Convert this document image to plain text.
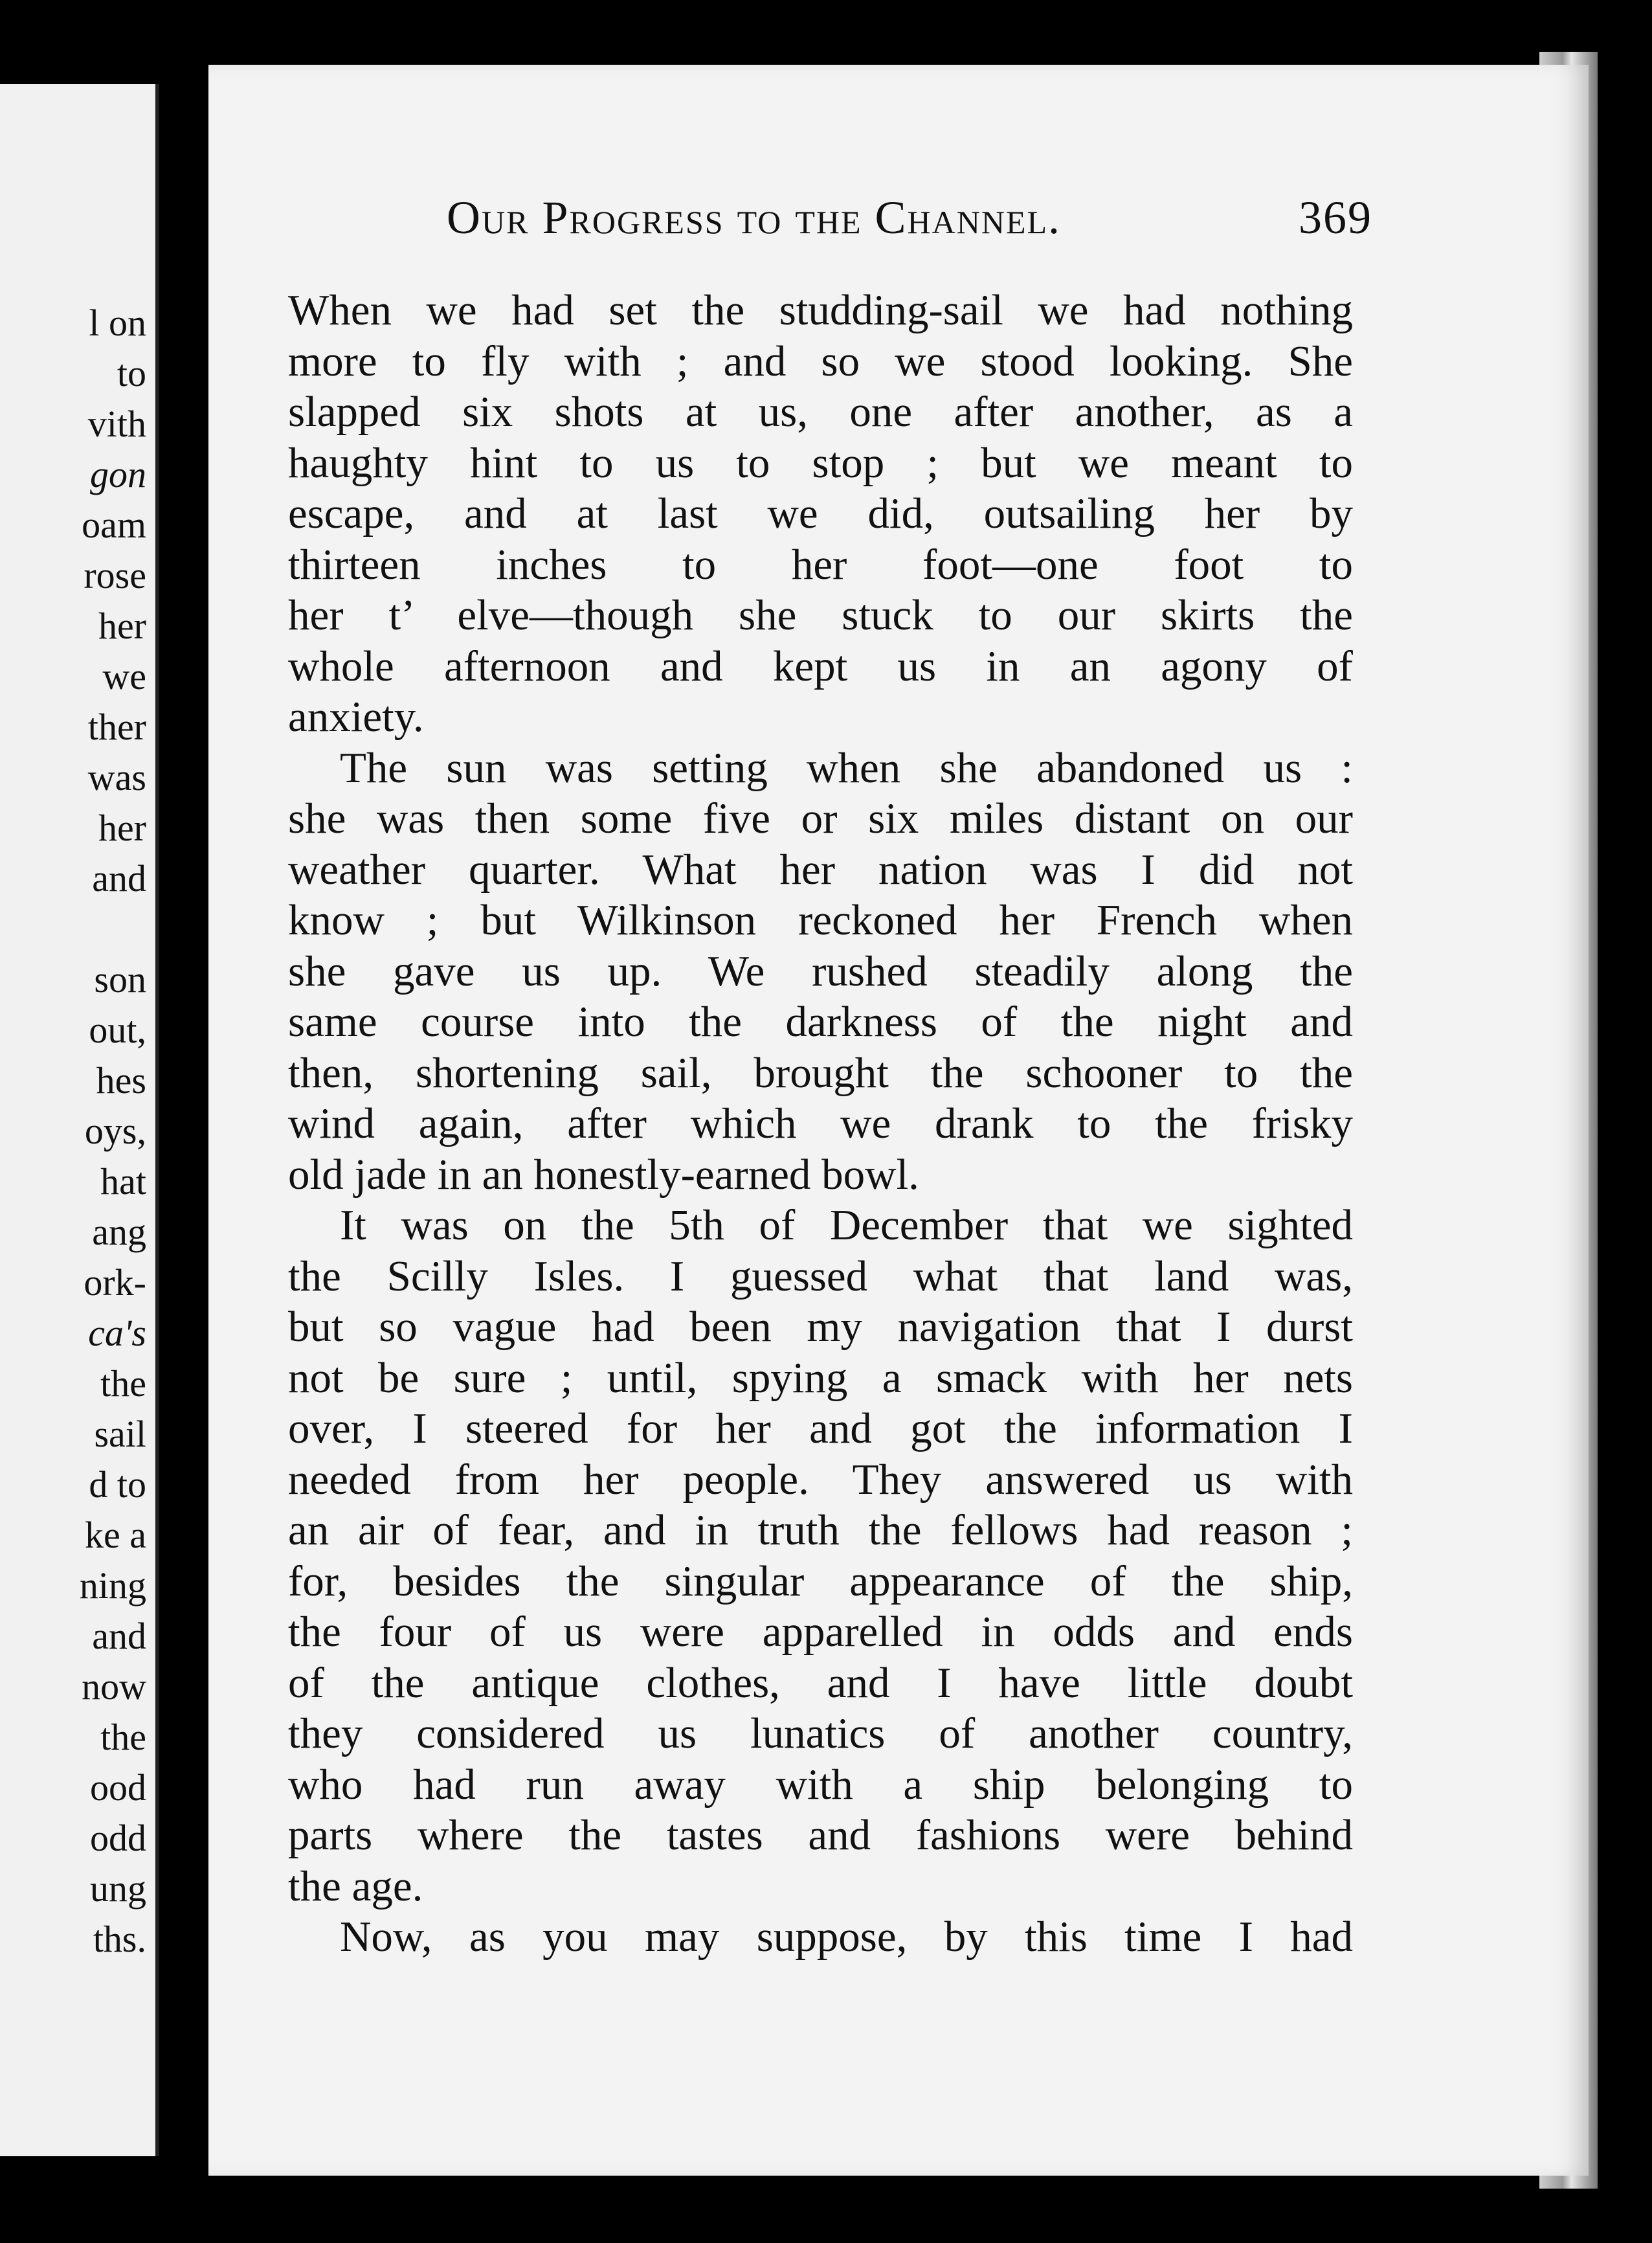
l on
to
vith
gon
oam
rose
her
we
ther
was
her
and
son
out,
hes
oys,
hat
ang
ork-
ca's
the
sail
d to
ke a
ning
and
now
the
ood
odd
ung
ths.
Our Progress to the Channel.	369
When we had set the studding-sail we had nothing
more to fly with ; and so we stood looking. She
slapped six shots at us, one after another, as a
haughty hint to us to stop ; but we meant to
escape, and at last we did, outsailing her by
thirteen inches to her foot—one foot to
her t’ elve—though she stuck to our skirts the
whole afternoon and kept us in an agony of
anxiety.
The sun was setting when she abandoned us :
she was then some five or six miles distant on our
weather quarter. What her nation was I did not
know ; but Wilkinson reckoned her French when
she gave us up. We rushed steadily along the
same course into the darkness of the night and
then, shortening sail, brought the schooner to the
wind again, after which we drank to the frisky
old jade in an honestly-earned bowl.
It was on the 5th of December that we sighted
the Scilly Isles. I guessed what that land was,
but so vague had been my navigation that I durst
not be sure ; until, spying a smack with her nets
over, I steered for her and got the information I
needed from her people. They answered us with
an air of fear, and in truth the fellows had reason ;
for, besides the singular appearance of the ship,
the four of us were apparelled in odds and ends
of the antique clothes, and I have little doubt
they considered us lunatics of another country,
who had run away with a ship belonging to
parts where the tastes and fashions were behind
the age.
Now, as you may suppose, by this time I had
